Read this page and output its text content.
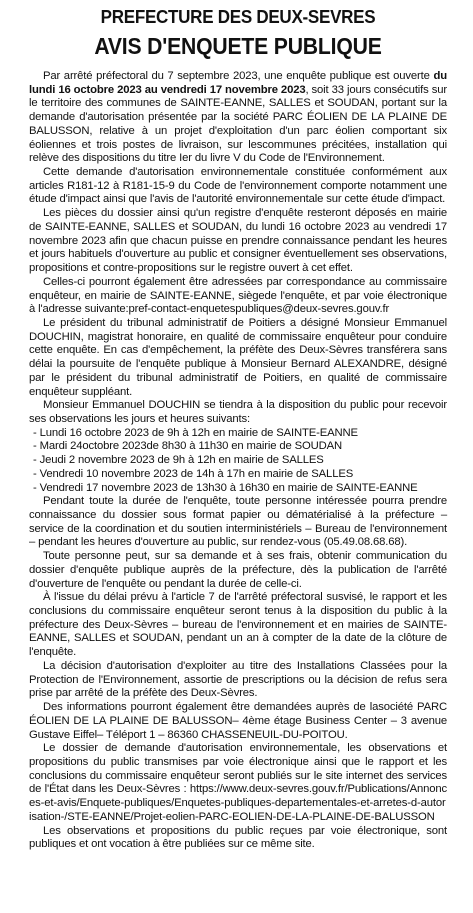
PREFECTURE DES DEUX-SEVRES
AVIS D'ENQUETE PUBLIQUE

Par arrêté préfectoral du 7 septembre 2023, une enquête publique est ouverte du lundi 16 octobre 2023 au vendredi 17 novembre 2023, soit 33 jours consécutifs sur le territoire des communes de SAINTE-EANNE, SALLES et SOUDAN, portant sur la demande d'autorisation présentée par la société PARC ÉOLIEN DE LA PLAINE DE BALUSSON, relative à un projet d'exploitation d'un parc éolien comportant six éoliennes et trois postes de livraison, sur lescommunes précitées, installation qui relève des dispositions du titre Ier du livre V du Code de l'Environnement.

Cette demande d'autorisation environnementale constituée conformément aux articles R181-12 à R181-15-9 du Code de l'environnement comporte notamment une étude d'impact ainsi que l'avis de l'autorité environnementale sur cette étude d'impact.

Les pièces du dossier ainsi qu'un registre d'enquête resteront déposés en mairie de SAINTE-EANNE, SALLES et SOUDAN, du lundi 16 octobre 2023 au vendredi 17 novembre 2023 afin que chacun puisse en prendre connaissance pendant les heures et jours habituels d'ouverture au public et consigner éventuellement ses observations, propositions et contre-propositions sur le registre ouvert à cet effet.

Celles-ci pourront également être adressées par correspondance au commissaire enquêteur, en mairie de SAINTE-EANNE, siègede l'enquête, et par voie électronique à l'adresse suivante:pref-contact-enquetespubliques@deux-sevres.gouv.fr

Le président du tribunal administratif de Poitiers a désigné Monsieur Emmanuel DOUCHIN, magistrat honoraire, en qualité de commissaire enquêteur pour conduire cette enquête. En cas d'empêchement, la préfète des Deux-Sèvres transférera sans délai la poursuite de l'enquête publique à Monsieur Bernard ALEXANDRE, désigné par le président du tribunal administratif de Poitiers, en qualité de commissaire enquêteur suppléant.

Monsieur Emmanuel DOUCHIN se tiendra à la disposition du public pour recevoir ses observations les jours et heures suivants:

- Lundi 16 octobre 2023 de 9h à 12h en mairie de SAINTE-EANNE
- Mardi 24octobre 2023de 8h30 à 11h30 en mairie de SOUDAN
- Jeudi 2 novembre 2023 de 9h à 12h en mairie de SALLES
- Vendredi 10 novembre 2023 de 14h à 17h en mairie de SALLES
- Vendredi 17 novembre 2023 de 13h30 à 16h30 en mairie de SAINTE-EANNE

Pendant toute la durée de l'enquête, toute personne intéressée pourra prendre connaissance du dossier sous format papier ou dématérialisé à la préfecture – service de la coordination et du soutien interministériels – Bureau de l'environnement – pendant les heures d'ouverture au public, sur rendez-vous (05.49.08.68.68).

Toute personne peut, sur sa demande et à ses frais, obtenir communication du dossier d'enquête publique auprès de la préfecture, dès la publication de l'arrêté d'ouverture de l'enquête ou pendant la durée de celle-ci.

À l'issue du délai prévu à l'article 7 de l'arrêté préfectoral susvisé, le rapport et les conclusions du commissaire enquêteur seront tenus à la disposition du public à la préfecture des Deux-Sèvres – bureau de l'environnement et en mairies de SAINTE-EANNE, SALLES et SOUDAN, pendant un an à compter de la date de la clôture de l'enquête.

La décision d'autorisation d'exploiter au titre des Installations Classées pour la Protection de l'Environnement, assortie de prescriptions ou la décision de refus sera prise par arrêté de la préfète des Deux-Sèvres.

Des informations pourront également être demandées auprès de lasociété PARC ÉOLIEN DE LA PLAINE DE BALUSSON– 4ème étage Business Center – 3 avenue Gustave Eiffel– Téléport 1 – 86360 CHASSENEUIL-DU-POITOU.

Le dossier de demande d'autorisation environnementale, les observations et propositions du public transmises par voie électronique ainsi que le rapport et les conclusions du commissaire enquêteur seront publiés sur le site internet des services de l'État dans les Deux-Sèvres : https://www.deux-sevres.gouv.fr/Publications/Annonces-et-avis/Enquete-publiques/Enquetes-publiques-departementales-et-arretes-d-autorisation-/STE-EANNE/Projet-eolien-PARC-EOLIEN-DE-LA-PLAINE-DE-BALUSSON

Les observations et propositions du public reçues par voie électronique, sont publiques et ont vocation à être publiées sur ce même site.
